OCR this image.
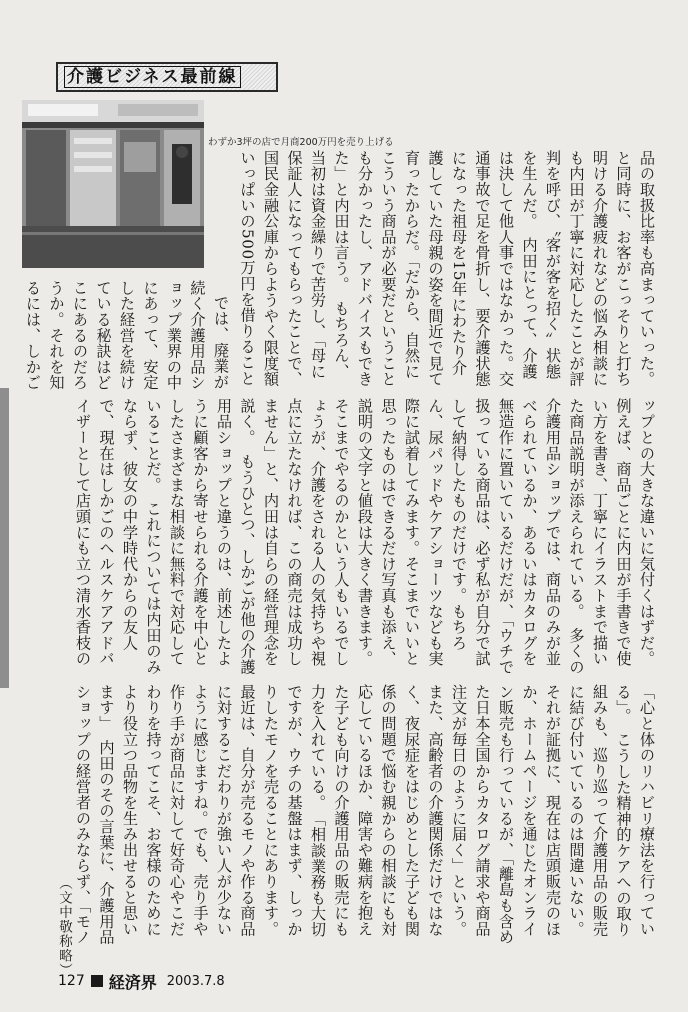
介護ビジネス最前線
わずか3坪の店で月商200万円を売り上げる

品の取扱比率も高まっていった。と同時に、お客がこっそりと打ち明ける介護疲れなどの悩み相談にも内田が丁寧に対応したことが評判を呼び、〝客が客を招く〟状態を生んだ。　内田にとって、介護は決して他人事ではなかった。交通事故で足を骨折し、要介護状態になった祖母を15年にわたり介護していた母親の姿を間近で見て育ったからだ。「だから、自然にこういう商品が必要だということも分かったし、アドバイスもできた」と内田は言う。　もちろん、当初は資金繰りで苦労し、「母に保証人になってもらったことで、国民金融公庫からようやく限度額いっぱいの500万円を借りること

では、廃業が続く介護用品ショップ業界の中にあって、安定した経営を続けている秘訣はどこにあるのだろうか。それを知るには、しかご

ップとの大きな違いに気付くはずだ。例えば、商品ごとに内田が手書きで使い方を書き、丁寧にイラストまで描いた商品説明が添えられている。　多くの介護用品ショップでは、商品のみが並べられているか、あるいはカタログを無造作に置いているだけだが、「ウチで扱っている商品は、必ず私が自分で試して納得したものだけです。もちろん、尿パッドやケアショーツなども実際に試着してみます。そこまでいいと思ったものはできるだけ写真も添え、説明の文字と値段は大きく書きます。そこまでやるのかという人もいるでしょうが、介護をされる人の気持ちや視点に立たなければ、この商売は成功しません」と、内田は自らの経営理念を説く。　もうひとつ、しかごが他の介護用品ショップと違うのは、前述したように顧客から寄せられる介護を中心としたさまざまな相談に無料で対応していることだ。　これについては内田のみならず、彼女の中学時代からの友人で、現在はしかごのヘルスケアアドバイザーとして店頭にも立つ清水香枝の

「心と体のリハビリ療法を行っている」。　こうした精神的ケアへの取り組みも、巡り巡って介護用品の販売に結び付いているのは間違いない。それが証拠に、現在は店頭販売のほか、ホームページを通じたオンライン販売も行っているが、「離島も含めた日本全国からカタログ請求や商品注文が毎日のように届く」という。　また、高齢者の介護関係だけではなく、夜尿症をはじめとした子ども関係の問題で悩む親からの相談にも対応しているほか、障害や難病を抱えた子ども向けの介護用品の販売にも力を入れている。　「相談業務も大切ですが、ウチの基盤はまず、しっかりしたモノを売ることにあります。最近は、自分が売るモノや作る商品に対するこだわりが強い人が少ないように感じますね。でも、売り手や作り手が商品に対して好奇心やこだわりを持ってこそ、お客様のためにより役立つ品物を生み出せると思います」　内田のその言葉に、介護用品ショップの経営者のみならず、「モノ

（文中敬称略）
127 経済界 2003.7.8
